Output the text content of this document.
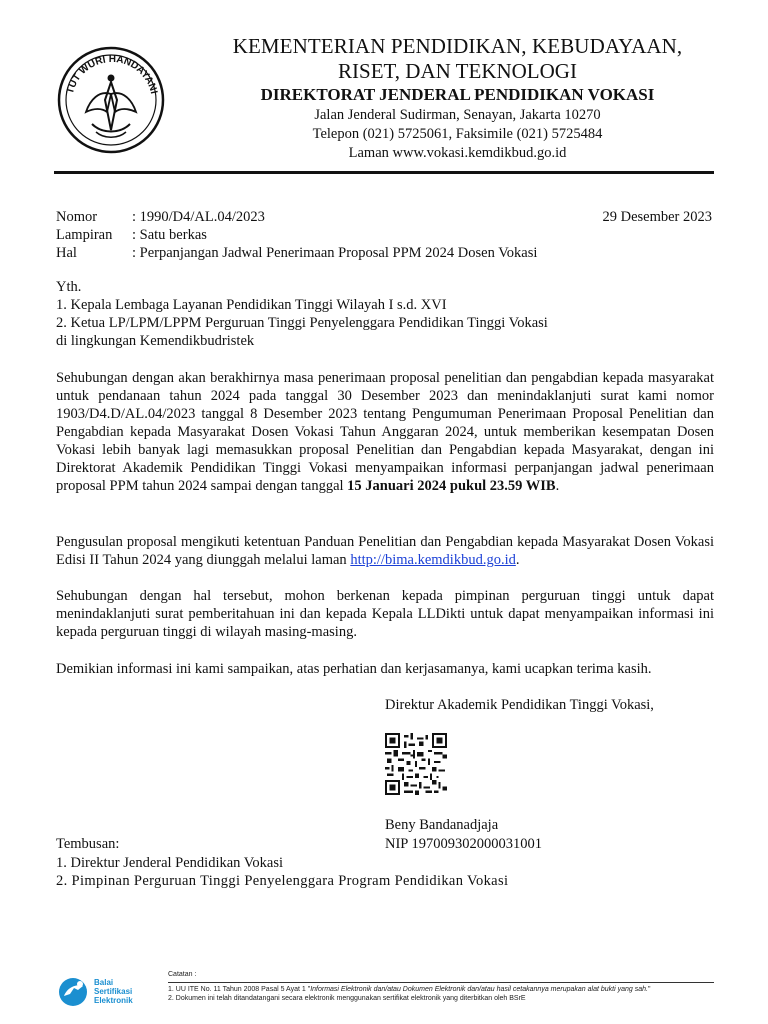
TUT WURI HANDAYANI
KEMENTERIAN PENDIDIKAN, KEBUDAYAAN,
RISET, DAN TEKNOLOGI
DIREKTORAT JENDERAL PENDIDIKAN VOKASI
Jalan Jenderal Sudirman, Senayan, Jakarta 10270
Telepon (021) 5725061, Faksimile (021) 5725484
Laman www.vokasi.kemdikbud.go.id
Nomor : 1990/D4/AL.04/2023	29 Desember 2023
Lampiran : Satu berkas
Hal	: Perpanjangan Jadwal Penerimaan Proposal PPM 2024 Dosen Vokasi
Yth.
1. Kepala Lembaga Layanan Pendidikan Tinggi Wilayah I s.d. XVI
2. Ketua LP/LPM/LPPM Perguruan Tinggi Penyelenggara Pendidikan Tinggi Vokasi
di lingkungan Kemendikbudristek
Sehubungan dengan akan berakhirnya masa penerimaan proposal penelitian dan pengabdian kepada masyarakat untuk pendanaan tahun 2024 pada tanggal 30 Desember 2023 dan menindaklanjuti surat kami nomor 1903/D4.D/AL.04/2023 tanggal 8 Desember 2023 tentang Pengumuman Penerimaan Proposal Penelitian dan Pengabdian kepada Masyarakat Dosen Vokasi Tahun Anggaran 2024, untuk memberikan kesempatan Dosen Vokasi lebih banyak lagi memasukkan proposal Penelitian dan Pengabdian kepada Masyarakat, dengan ini Direktorat Akademik Pendidikan Tinggi Vokasi menyampaikan informasi perpanjangan jadwal penerimaan proposal PPM tahun 2024 sampai dengan tanggal 15 Januari 2024 pukul 23.59 WIB.
Pengusulan proposal mengikuti ketentuan Panduan Penelitian dan Pengabdian kepada Masyarakat Dosen Vokasi Edisi II Tahun 2024 yang diunggah melalui laman http://bima.kemdikbud.go.id.
Sehubungan dengan hal tersebut, mohon berkenan kepada pimpinan perguruan tinggi untuk dapat menindaklanjuti surat pemberitahuan ini dan kepada Kepala LLDikti untuk dapat menyampaikan informasi ini kepada perguruan tinggi di wilayah masing-masing.
Demikian informasi ini kami sampaikan, atas perhatian dan kerjasamanya, kami ucapkan terima kasih.
Direktur Akademik Pendidikan Tinggi Vokasi,
Beny Bandanadjaja
NIP 197009302000031001
Tembusan:
1. Direktur Jenderal Pendidikan Vokasi
2. Pimpinan Perguruan Tinggi Penyelenggara Program Pendidikan Vokasi
Balai
Sertifikasi
Elektronik
Catatan :
1. UU ITE No. 11 Tahun 2008 Pasal 5 Ayat 1 "Informasi Elektronik dan/atau Dokumen Elektronik dan/atau hasil cetakannya merupakan alat bukti yang sah."
2. Dokumen ini telah ditandatangani secara elektronik menggunakan sertifikat elektronik yang diterbitkan oleh BSrE
